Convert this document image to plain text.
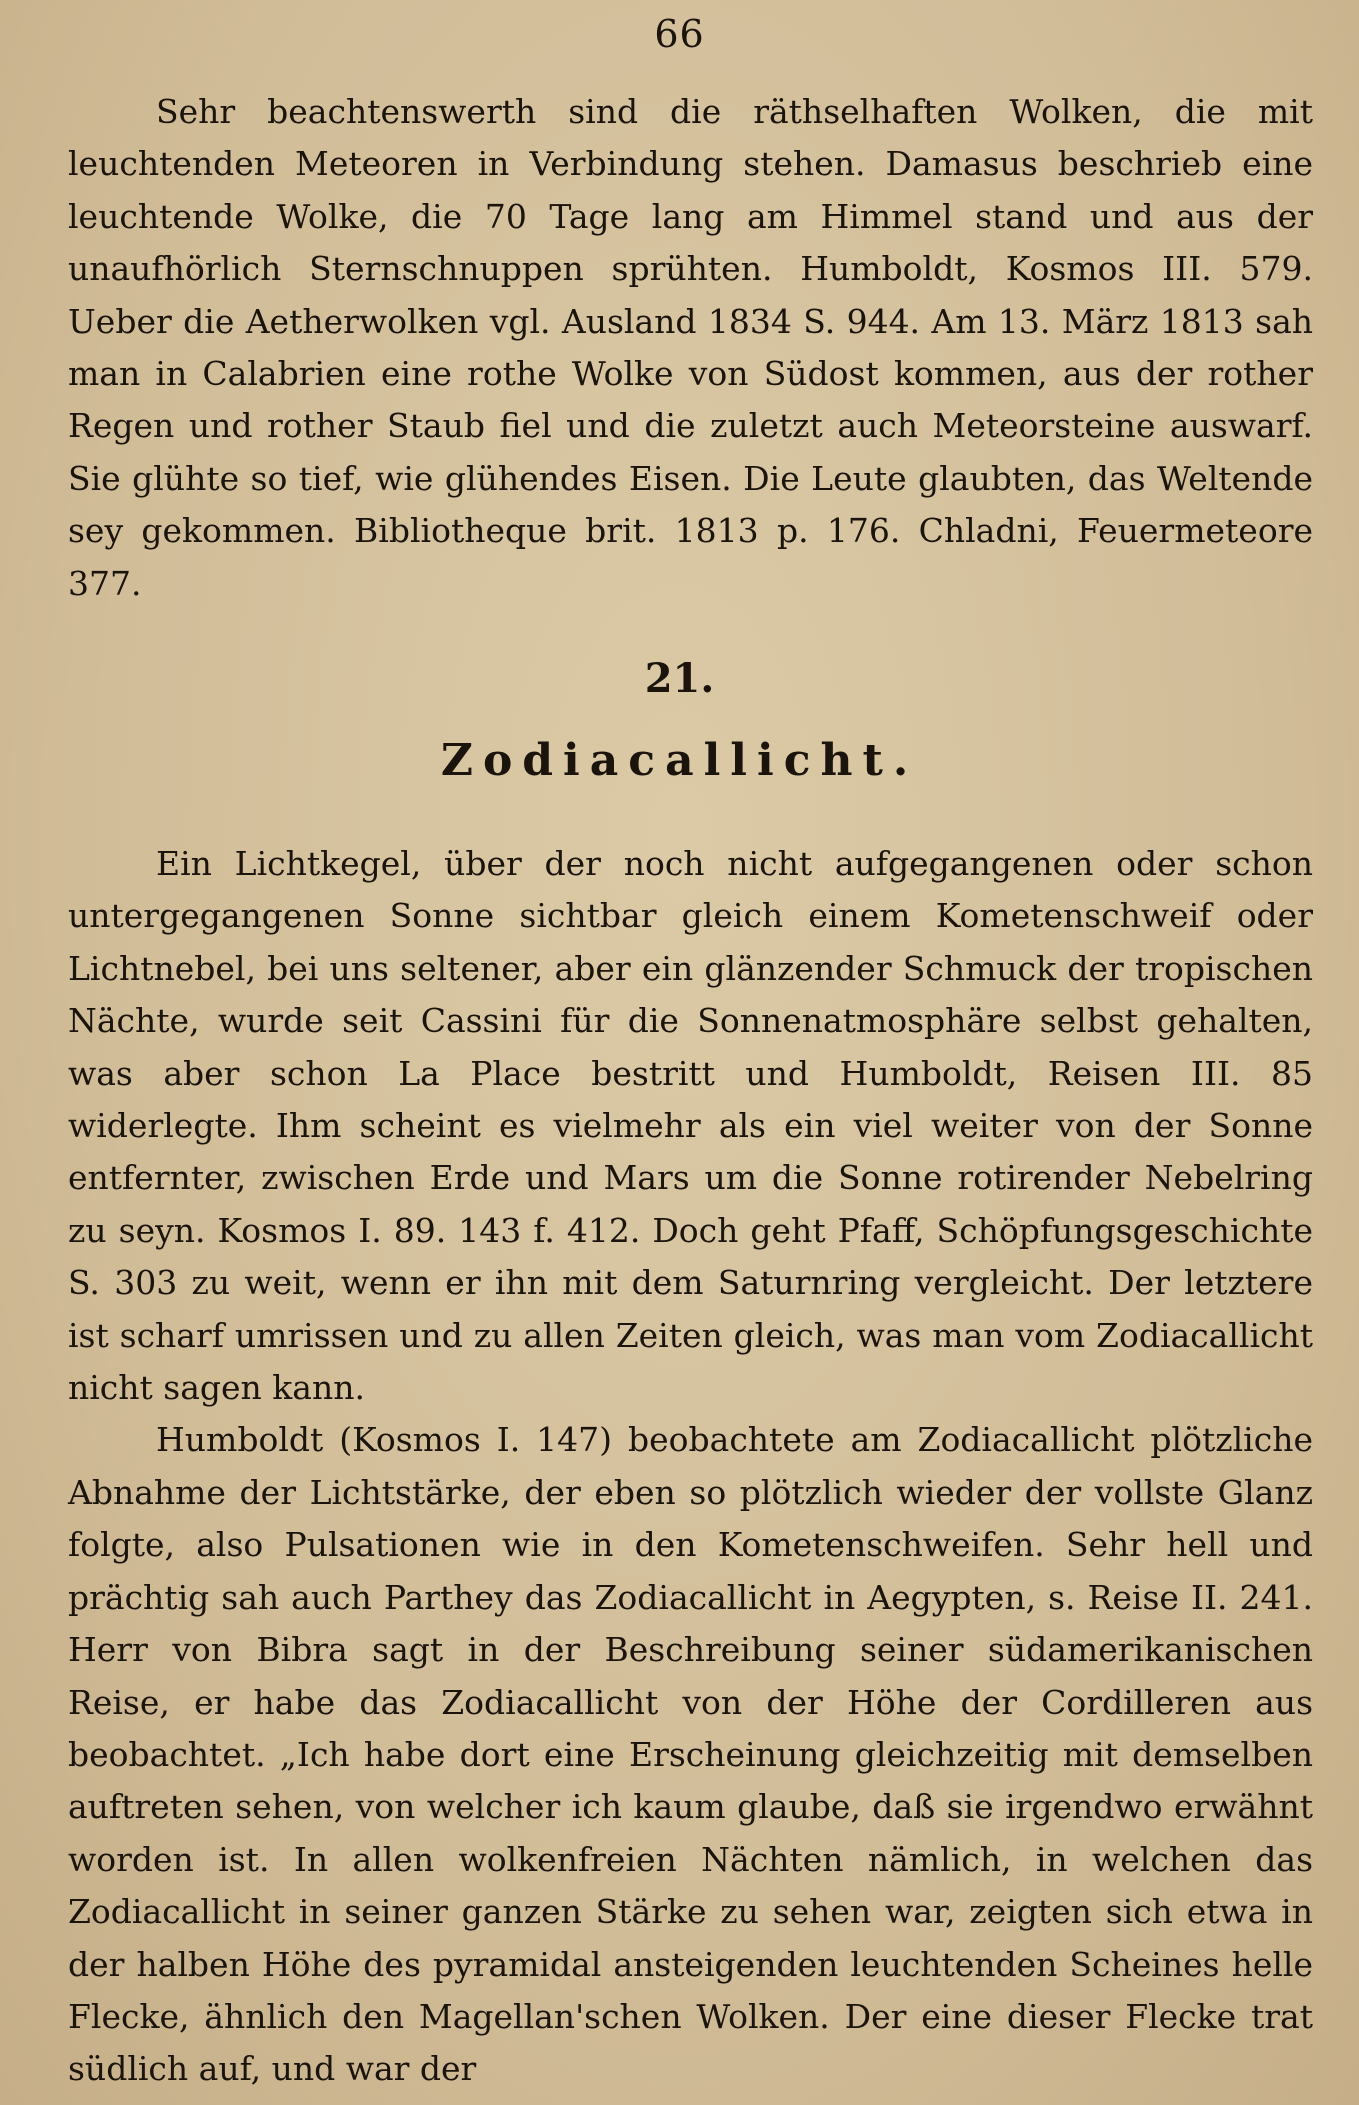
66

Sehr beachtenswerth sind die räthselhaften Wolken, die mit leuchtenden Meteoren in Verbindung stehen. Damasus beschrieb eine leuchtende Wolke, die 70 Tage lang am Himmel stand und aus der unaufhörlich Sternschnuppen sprühten. Humboldt, Kosmos III. 579. Ueber die Aetherwolken vgl. Ausland 1834 S. 944. Am 13. März 1813 sah man in Calabrien eine rothe Wolke von Südost kommen, aus der rother Regen und rother Staub fiel und die zuletzt auch Meteorsteine auswarf. Sie glühte so tief, wie glühendes Eisen. Die Leute glaubten, das Weltende sey gekommen. Bibliotheque brit. 1813 p. 176. Chladni, Feuermeteore 377.

21.
Zodiacallicht.

Ein Lichtkegel, über der noch nicht aufgegangenen oder schon untergegangenen Sonne sichtbar gleich einem Kometenschweif oder Lichtnebel, bei uns seltener, aber ein glänzender Schmuck der tropischen Nächte, wurde seit Cassini für die Sonnenatmosphäre selbst gehalten, was aber schon La Place bestritt und Humboldt, Reisen III. 85 widerlegte. Ihm scheint es vielmehr als ein viel weiter von der Sonne entfernter, zwischen Erde und Mars um die Sonne rotirender Nebelring zu seyn. Kosmos I. 89. 143 f. 412. Doch geht Pfaff, Schöpfungsgeschichte S. 303 zu weit, wenn er ihn mit dem Saturnring vergleicht. Der letztere ist scharf umrissen und zu allen Zeiten gleich, was man vom Zodiacallicht nicht sagen kann.

Humboldt (Kosmos I. 147) beobachtete am Zodiacallicht plötzliche Abnahme der Lichtstärke, der eben so plötzlich wieder der vollste Glanz folgte, also Pulsationen wie in den Kometenschweifen. Sehr hell und prächtig sah auch Parthey das Zodiacallicht in Aegypten, s. Reise II. 241. Herr von Bibra sagt in der Beschreibung seiner südamerikanischen Reise, er habe das Zodiacallicht von der Höhe der Cordilleren aus beobachtet. „Ich habe dort eine Erscheinung gleichzeitig mit demselben auftreten sehen, von welcher ich kaum glaube, daß sie irgendwo erwähnt worden ist. In allen wolkenfreien Nächten nämlich, in welchen das Zodiacallicht in seiner ganzen Stärke zu sehen war, zeigten sich etwa in der halben Höhe des pyramidal ansteigenden leuchtenden Scheines helle Flecke, ähnlich den Magellan'schen Wolken. Der eine dieser Flecke trat südlich auf, und war der
